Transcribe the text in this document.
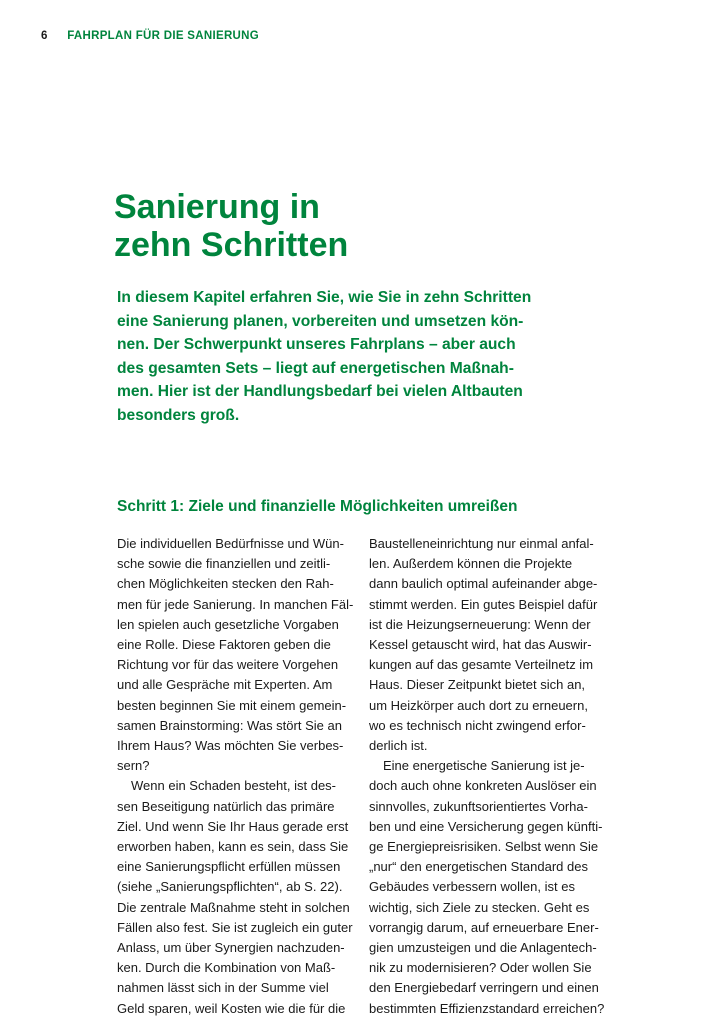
6 FAHRPLAN FÜR DIE SANIERUNG
Sanierung in
zehn Schritten
In diesem Kapitel erfahren Sie, wie Sie in zehn Schritten
eine Sanierung planen, vorbereiten und umsetzen kön-
nen. Der Schwerpunkt unseres Fahrplans – aber auch
des gesamten Sets – liegt auf energetischen Maßnah-
men. Hier ist der Handlungsbedarf bei vielen Altbauten
besonders groß.
Schritt 1: Ziele und finanzielle Möglichkeiten umreißen
Die individuellen Bedürfnisse und Wün-
sche sowie die finanziellen und zeitli-
chen Möglichkeiten stecken den Rah-
men für jede Sanierung. In manchen Fäl-
len spielen auch gesetzliche Vorgaben
eine Rolle. Diese Faktoren geben die
Richtung vor für das weitere Vorgehen
und alle Gespräche mit Experten. Am
besten beginnen Sie mit einem gemein-
samen Brainstorming: Was stört Sie an
Ihrem Haus? Was möchten Sie verbes-
sern?
Wenn ein Schaden besteht, ist des-
sen Beseitigung natürlich das primäre
Ziel. Und wenn Sie Ihr Haus gerade erst
erworben haben, kann es sein, dass Sie
eine Sanierungspflicht erfüllen müssen
(siehe „Sanierungspflichten“, ab S. 22).
Die zentrale Maßnahme steht in solchen
Fällen also fest. Sie ist zugleich ein guter
Anlass, um über Synergien nachzuden-
ken. Durch die Kombination von Maß-
nahmen lässt sich in der Summe viel
Geld sparen, weil Kosten wie die für die
Baustelleneinrichtung nur einmal anfal-
len. Außerdem können die Projekte
dann baulich optimal aufeinander abge-
stimmt werden. Ein gutes Beispiel dafür
ist die Heizungserneuerung: Wenn der
Kessel getauscht wird, hat das Auswir-
kungen auf das gesamte Verteilnetz im
Haus. Dieser Zeitpunkt bietet sich an,
um Heizkörper auch dort zu erneuern,
wo es technisch nicht zwingend erfor-
derlich ist.
Eine energetische Sanierung ist je-
doch auch ohne konkreten Auslöser ein
sinnvolles, zukunftsorientiertes Vorha-
ben und eine Versicherung gegen künfti-
ge Energiepreisrisiken. Selbst wenn Sie
„nur“ den energetischen Standard des
Gebäudes verbessern wollen, ist es
wichtig, sich Ziele zu stecken. Geht es
vorrangig darum, auf erneuerbare Ener-
gien umzusteigen und die Anlagentech-
nik zu modernisieren? Oder wollen Sie
den Energiebedarf verringern und einen
bestimmten Effizienzstandard erreichen?
